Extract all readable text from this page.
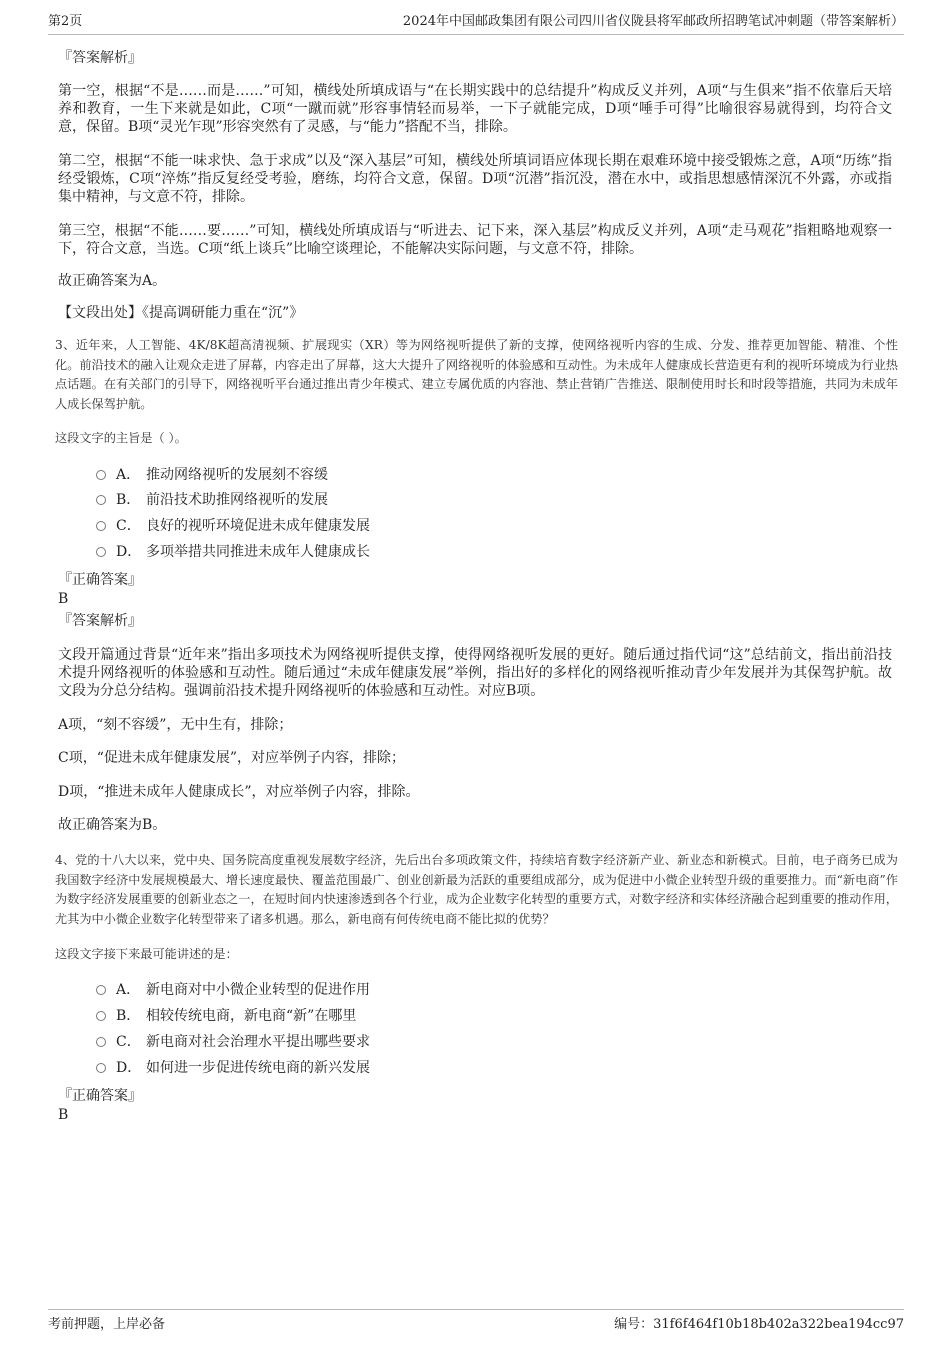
第2页	2024年中国邮政集团有限公司四川省仪陇县将军邮政所招聘笔试冲刺题（带答案解析）
『答案解析』
第一空，根据“不是……而是……”可知，横线处所填成语与“在长期实践中的总结提升”构成反义并列，A项“与生俱来”指不依靠后天培养和教育，一生下来就是如此，C项“一蹴而就”形容事情轻而易举，一下子就能完成，D项“唾手可得”比喻很容易就得到，均符合文意，保留。B项“灵光乍现”形容突然有了灵感，与“能力”搭配不当，排除。
第二空，根据“不能一味求快、急于求成”以及“深入基层”可知，横线处所填词语应体现长期在艰难环境中接受锻炼之意，A项“历练”指经受锻炼，C项“淬炼”指反复经受考验，磨练，均符合文意，保留。D项“沉潜”指沉没，潜在水中，或指思想感情深沉不外露，亦或指集中精神，与文意不符，排除。
第三空，根据“不能……要……”可知，横线处所填成语与“听进去、记下来，深入基层”构成反义并列，A项“走马观花”指粗略地观察一下，符合文意，当选。C项“纸上谈兵”比喻空谈理论，不能解决实际问题，与文意不符，排除。
故正确答案为A。
【文段出处】《提高调研能力重在“沉”》
3、近年来，人工智能、4K/8K超高清视频、扩展现实（XR）等为网络视听提供了新的支撑，使网络视听内容的生成、分发、推荐更加智能、精准、个性化。前沿技术的融入让观众走进了屏幕，内容走出了屏幕，这大大提升了网络视听的体验感和互动性。为未成年人健康成长营造更有利的视听环境成为行业热点话题。在有关部门的引导下，网络视听平台通过推出青少年模式、建立专属优质的内容池、禁止营销广告推送、限制使用时长和时段等措施，共同为未成年人成长保驾护航。
这段文字的主旨是（ ）。
A． 推动网络视听的发展刻不容缓
B． 前沿技术助推网络视听的发展
C． 良好的视听环境促进未成年健康发展
D． 多项举措共同推进未成年人健康成长
『正确答案』
B
『答案解析』
文段开篇通过背景“近年来”指出多项技术为网络视听提供支撑，使得网络视听发展的更好。随后通过指代词“这”总结前文，指出前沿技术提升网络视听的体验感和互动性。随后通过“未成年健康发展”举例，指出好的多样化的网络视听推动青少年发展并为其保驾护航。故文段为分总分结构。强调前沿技术提升网络视听的体验感和互动性。对应B项。
A项，“刻不容缓”，无中生有，排除；
C项，“促进未成年健康发展”，对应举例子内容，排除；
D项，“推进未成年人健康成长”，对应举例子内容，排除。
故正确答案为B。
4、党的十八大以来，党中央、国务院高度重视发展数字经济，先后出台多项政策文件，持续培育数字经济新产业、新业态和新模式。目前，电子商务已成为我国数字经济中发展规模最大、增长速度最快、覆盖范围最广、创业创新最为活跃的重要组成部分，成为促进中小微企业转型升级的重要推力。而“新电商”作为数字经济发展重要的创新业态之一，在短时间内快速渗透到各个行业，成为企业数字化转型的重要方式，对数字经济和实体经济融合起到重要的推动作用，尤其为中小微企业数字化转型带来了诸多机遇。那么，新电商有何传统电商不能比拟的优势？
这段文字接下来最可能讲述的是：
A． 新电商对中小微企业转型的促进作用
B． 相较传统电商，新电商“新”在哪里
C． 新电商对社会治理水平提出哪些要求
D． 如何进一步促进传统电商的新兴发展
『正确答案』
B
考前押题，上岸必备	编号：31f6f464f10b18b402a322bea194cc97
